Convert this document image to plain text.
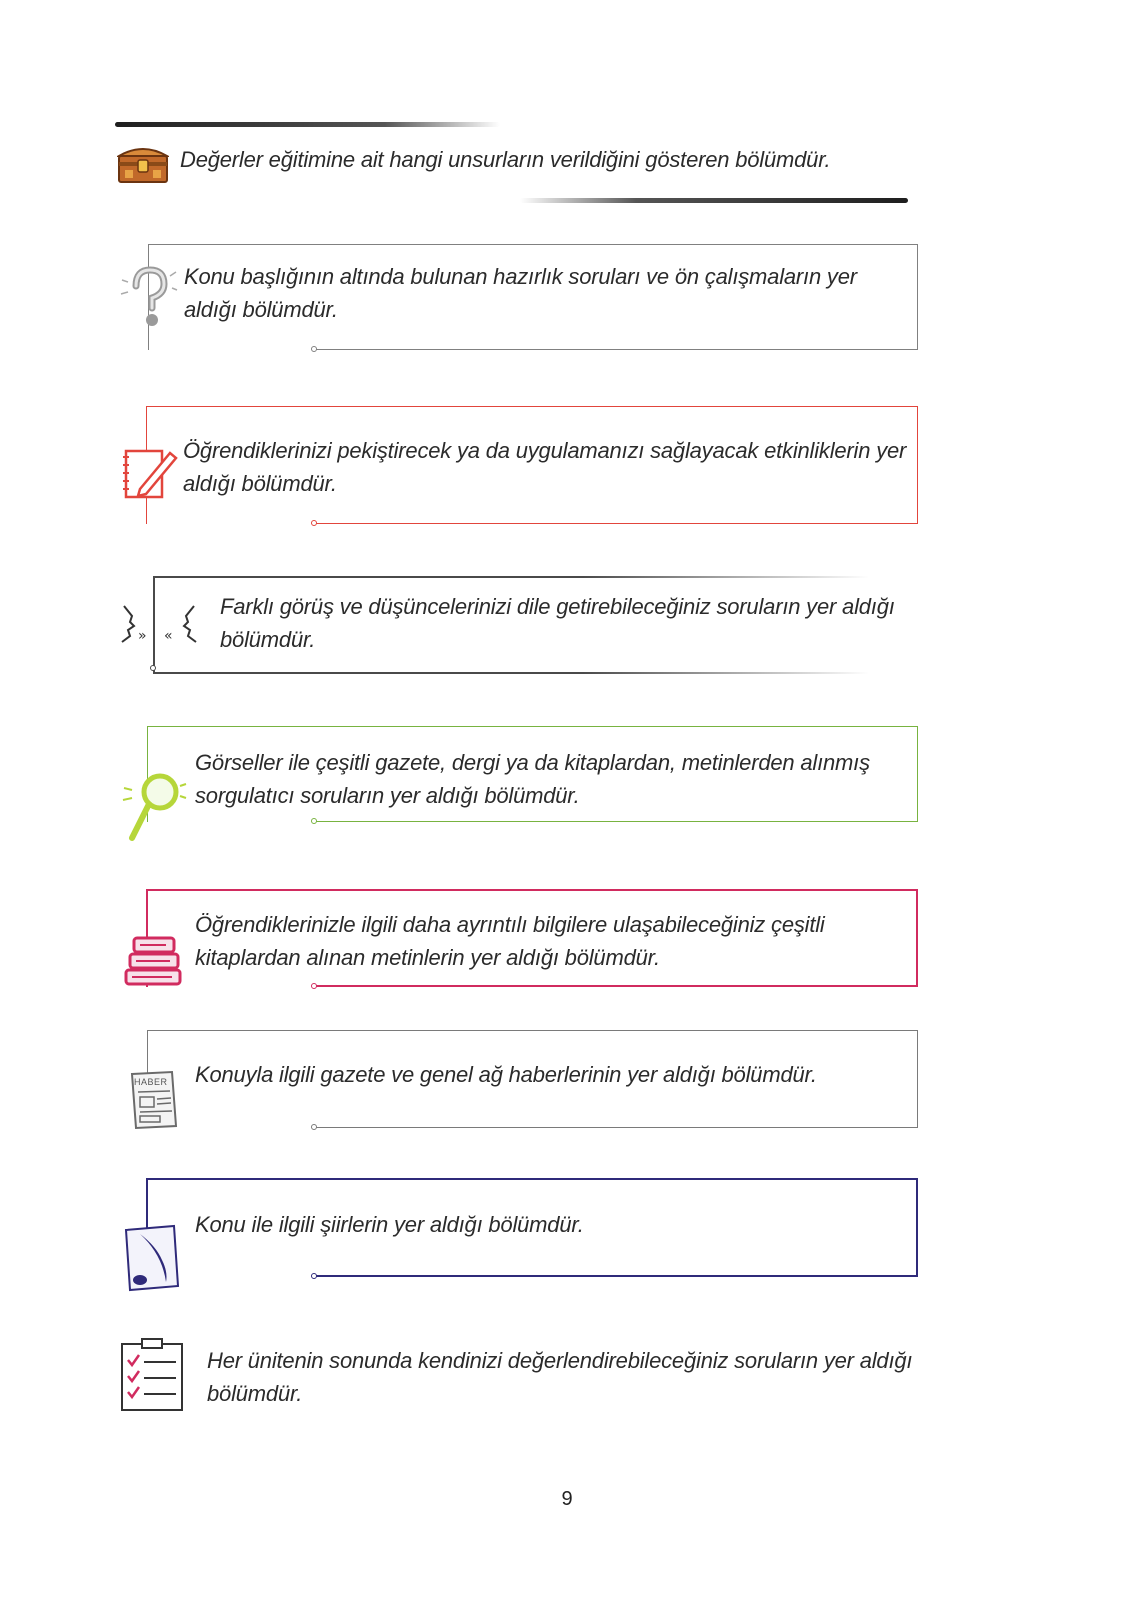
Değerler eğitimine ait hangi unsurların verildiğini gösteren bölümdür.
Konu başlığının altında bulunan hazırlık soruları ve ön çalışmaların yer aldığı bölümdür.
Öğrendiklerinizi pekiştirecek ya da uygulamanızı sağlayacak etkinliklerin yer aldığı bölümdür.
» «
Farklı görüş ve düşüncelerinizi dile getirebileceğiniz soruların yer aldığı bölümdür.
Görseller ile çeşitli gazete, dergi ya da kitaplardan, metinlerden alınmış sorgulatıcı soruların yer aldığı bölümdür.
Öğrendiklerinizle ilgili daha ayrıntılı bilgilere ulaşabileceğiniz çeşitli kitaplardan alınan metinlerin yer aldığı bölümdür.
HABER Konuyla ilgili gazete ve genel ağ haberlerinin yer aldığı bölümdür.
Konu ile ilgili şiirlerin yer aldığı bölümdür.
Her ünitenin sonunda kendinizi değerlendirebileceğiniz soruların yer aldığı bölümdür.
9
